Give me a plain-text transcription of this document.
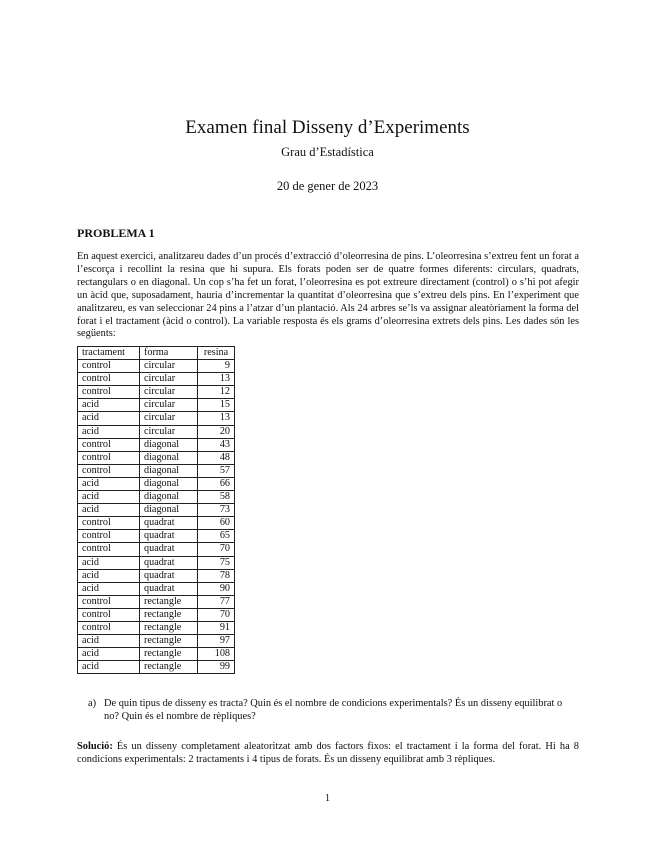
Examen final Disseny d’Experiments
Grau d’Estadística
20 de gener de 2023
PROBLEMA 1
En aquest exercici, analitzareu dades d’un procés d’extracció d’oleorresina de pins. L’oleorresina s’extreu fent un forat a l’escorça i recollint la resina que hi supura. Els forats poden ser de quatre formes diferents: circulars, quadrats, rectangulars o en diagonal. Un cop s’ha fet un forat, l’oleorresina es pot extreure directament (control) o s’hi pot afegir un àcid que, suposadament, hauria d’incrementar la quantitat d’oleorresina que s’extreu dels pins. En l’experiment que analitzareu, es van seleccionar 24 pins a l’atzar d’un plantació. Als 24 arbres se’ls va assignar aleatòriament la forma del forat i el tractament (àcid o control). La variable resposta és els grams d’oleorresina extrets dels pins. Les dades són les següents:
tractament	forma	resina
control	circular	9
control	circular	13
control	circular	12
acid	circular	15
acid	circular	13
acid	circular	20
control	diagonal	43
control	diagonal	48
control	diagonal	57
acid	diagonal	66
acid	diagonal	58
acid	diagonal	73
control	quadrat	60
control	quadrat	65
control	quadrat	70
acid	quadrat	75
acid	quadrat	78
acid	quadrat	90
control	rectangle	77
control	rectangle	70
control	rectangle	91
acid	rectangle	97
acid	rectangle	108
acid	rectangle	99
a) De quin tipus de disseny es tracta? Quin és el nombre de condicions experimentals? És un disseny equilibrat o no? Quin és el nombre de rèpliques?
Solució: És un disseny completament aleatoritzat amb dos factors fixos: el tractament i la forma del forat. Hi ha 8 condicions experimentals: 2 tractaments i 4 tipus de forats. És un disseny equilibrat amb 3 rèpliques.
1
